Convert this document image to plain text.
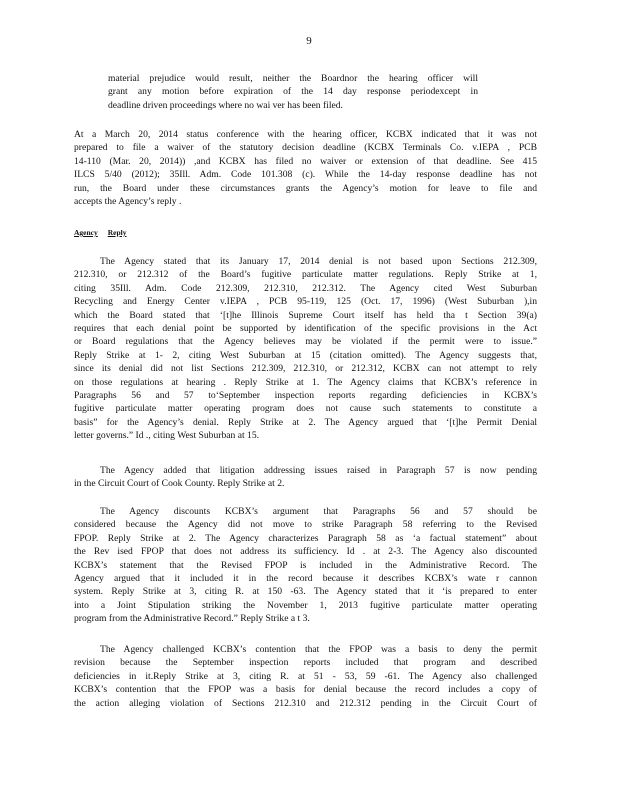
9
material prejudice would result, neither the Boardnor the hearing officer will
grant any motion before expiration of the 14 day response periodexcept in
deadline driven proceedings where no wai ver has been filed.
At a March 20, 2014 status conference with the hearing officer, KCBX indicated that it was not
prepared to file a waiver of the statutory decision deadline (KCBX Terminals Co. v.IEPA , PCB
14-110 (Mar. 20, 2014)) ,and KCBX has filed no waiver or extension of that deadline. See 415
ILCS 5/40 (2012); 35Ill. Adm. Code 101.308 (c). While the 14-day response deadline has not
run, the Board under these circumstances grants the Agency’s motion for leave to file and
accepts the Agency’s reply .
Agency Reply
The Agency stated that its January 17, 2014 denial is not based upon Sections 212.309,
212.310, or 212.312 of the Board’s fugitive particulate matter regulations. Reply Strike at 1,
citing 35Ill. Adm. Code 212.309, 212.310, 212.312. The Agency cited West Suburban
Recycling and Energy Center v.IEPA , PCB 95-119, 125 (Oct. 17, 1996) (West Suburban ),in
which the Board stated that ‘[t]he Illinois Supreme Court itself has held tha t Section 39(a)
requires that each denial point be supported by identification of the specific provisions in the Act
or Board regulations that the Agency believes may be violated if the permit were to issue.”
Reply Strike at 1- 2, citing West Suburban at 15 (citation omitted). The Agency suggests that,
since its denial did not list Sections 212.309, 212.310, or 212.312, KCBX can not attempt to rely
on those regulations at hearing . Reply Strike at 1. The Agency claims that KCBX’s reference in
Paragraphs 56 and 57 to‘September inspection reports regarding deficiencies in KCBX’s
fugitive particulate matter operating program does not cause such statements to constitute a
basis” for the Agency’s denial. Reply Strike at 2. The Agency argued that ‘[t]he Permit Denial
letter governs.” Id ., citing West Suburban at 15.
The Agency added that litigation addressing issues raised in Paragraph 57 is now pending
in the Circuit Court of Cook County. Reply Strike at 2.
The Agency discounts KCBX’s argument that Paragraphs 56 and 57 should be
considered because the Agency did not move to strike Paragraph 58 referring to the Revised
FPOP. Reply Strike at 2. The Agency characterizes Paragraph 58 as ‘a factual statement” about
the Rev ised FPOP that does not address its sufficiency. Id . at 2-3. The Agency also discounted
KCBX’s statement that the Revised FPOP is included in the Administrative Record. The
Agency argued that it included it in the record because it describes KCBX’s wate r cannon
system. Reply Strike at 3, citing R. at 150 -63. The Agency stated that it ‘is prepared to enter
into a Joint Stipulation striking the November 1, 2013 fugitive particulate matter operating
program from the Administrative Record.” Reply Strike a t 3.
The Agency challenged KCBX’s contention that the FPOP was a basis to deny the permit
revision because the September inspection reports included that program and described
deficiencies in it.Reply Strike at 3, citing R. at 51 - 53, 59 -61. The Agency also challenged
KCBX’s contention that the FPOP was a basis for denial because the record includes a copy of
the action alleging violation of Sections 212.310 and 212.312 pending in the Circuit Court of
